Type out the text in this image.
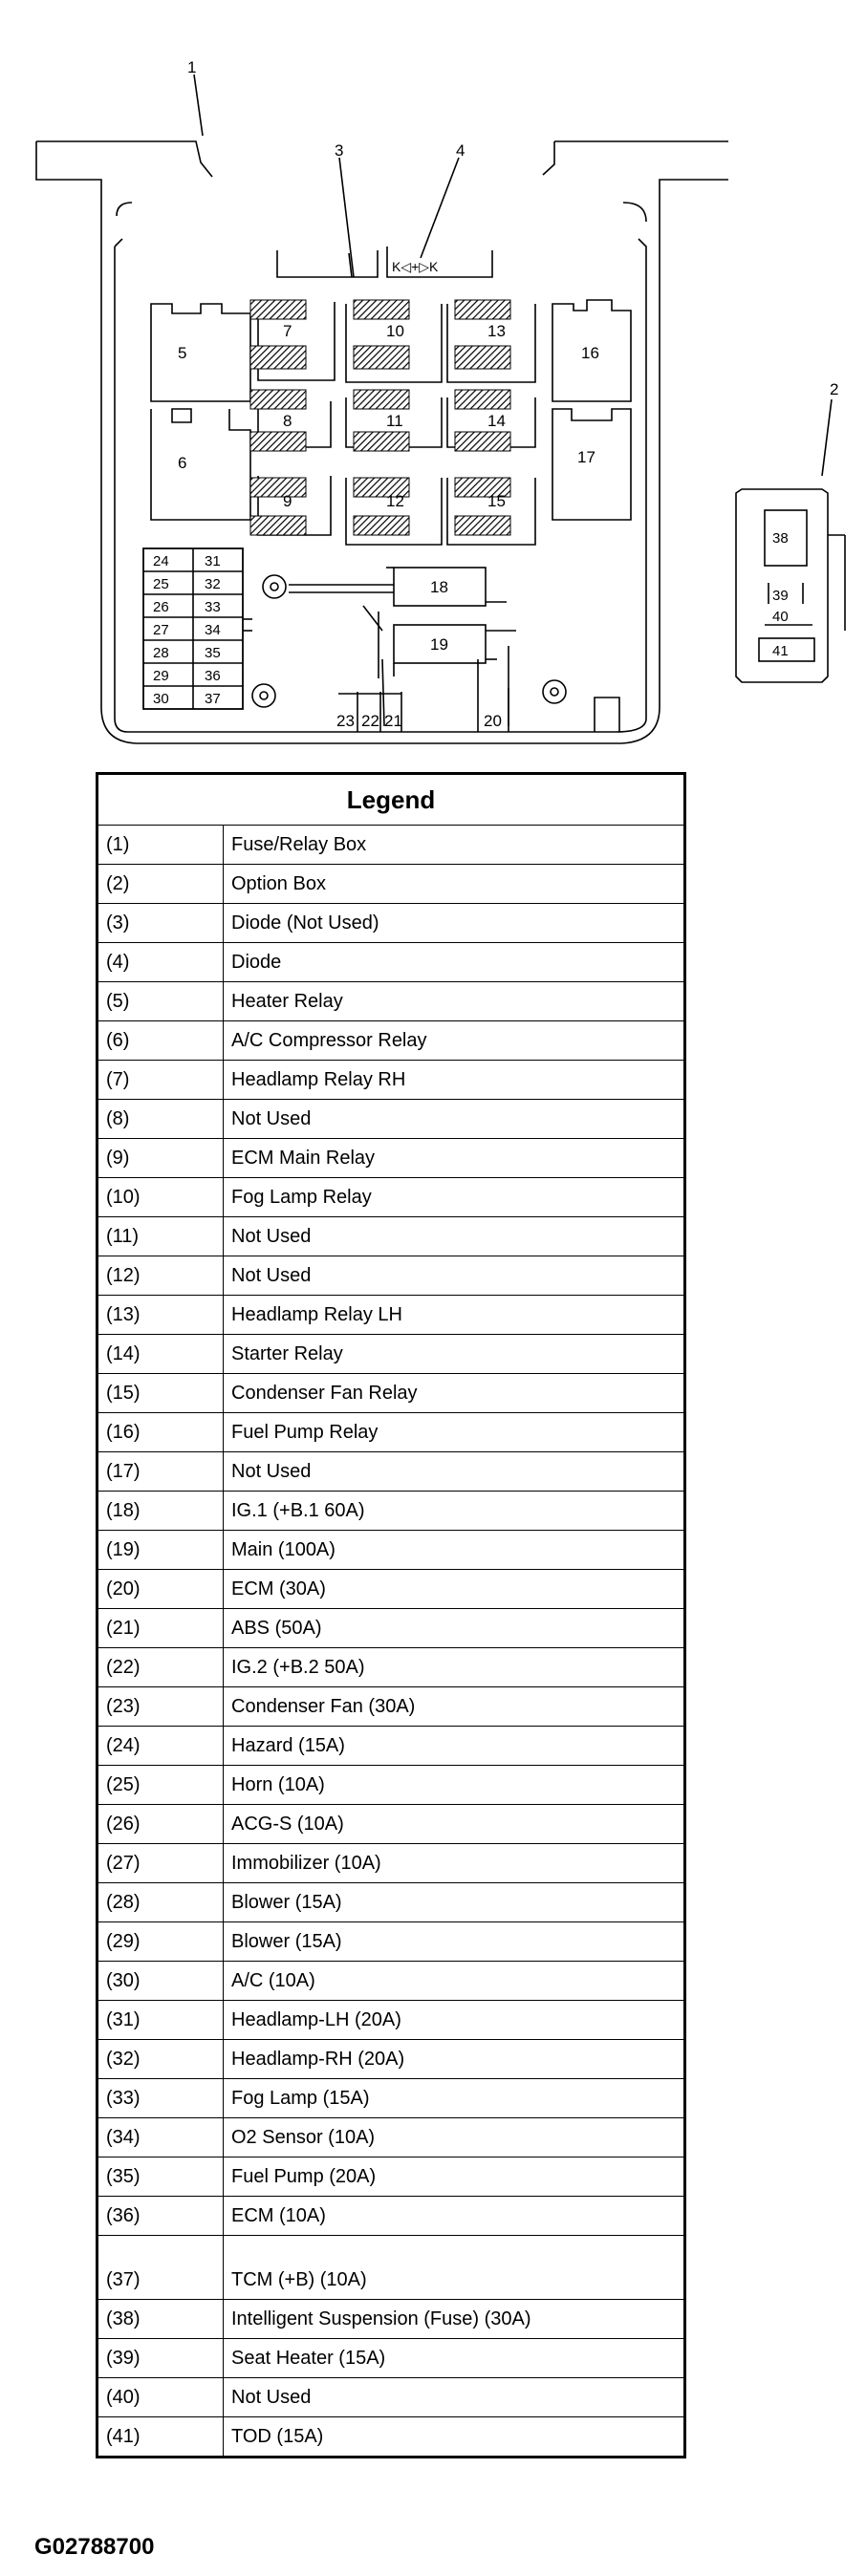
1
2
3	4
K◁+▷K
5
6
7
8
9
10
11
12
13
14
15
16
17
18
19
20
21
22
23
24
25
26
27
28
29
30
31
32
33
34
35
36
37
38
39
40
41
Legend	
(1)	Fuse/Relay Box
(2)	Option Box
(3)	Diode (Not Used)
(4)	Diode
(5)	Heater Relay
(6)	A/C Compressor Relay
(7)	Headlamp Relay RH
(8)	Not Used
(9)	ECM Main Relay
(10)	Fog Lamp Relay
(11)	Not Used
(12)	Not Used
(13)	Headlamp Relay LH
(14)	Starter Relay
(15)	Condenser Fan Relay
(16)	Fuel Pump Relay
(17)	Not Used
(18)	IG.1 (+B.1 60A)
(19)	Main (100A)
(20)	ECM (30A)
(21)	ABS (50A)
(22)	IG.2 (+B.2 50A)
(23)	Condenser Fan (30A)
(24)	Hazard (15A)
(25)	Horn (10A)
(26)	ACG-S (10A)
(27)	Immobilizer (10A)
(28)	Blower (15A)
(29)	Blower (15A)
(30)	A/C (10A)
(31)	Headlamp-LH (20A)
(32)	Headlamp-RH (20A)
(33)	Fog Lamp (15A)
(34)	O2 Sensor (10A)
(35)	Fuel Pump (20A)
(36)	ECM (10A)
(37)	TCM (+B) (10A)
(38)	Intelligent Suspension (Fuse) (30A)
(39)	Seat Heater (15A)
(40)	Not Used
(41)	TOD (15A)
G02788700
